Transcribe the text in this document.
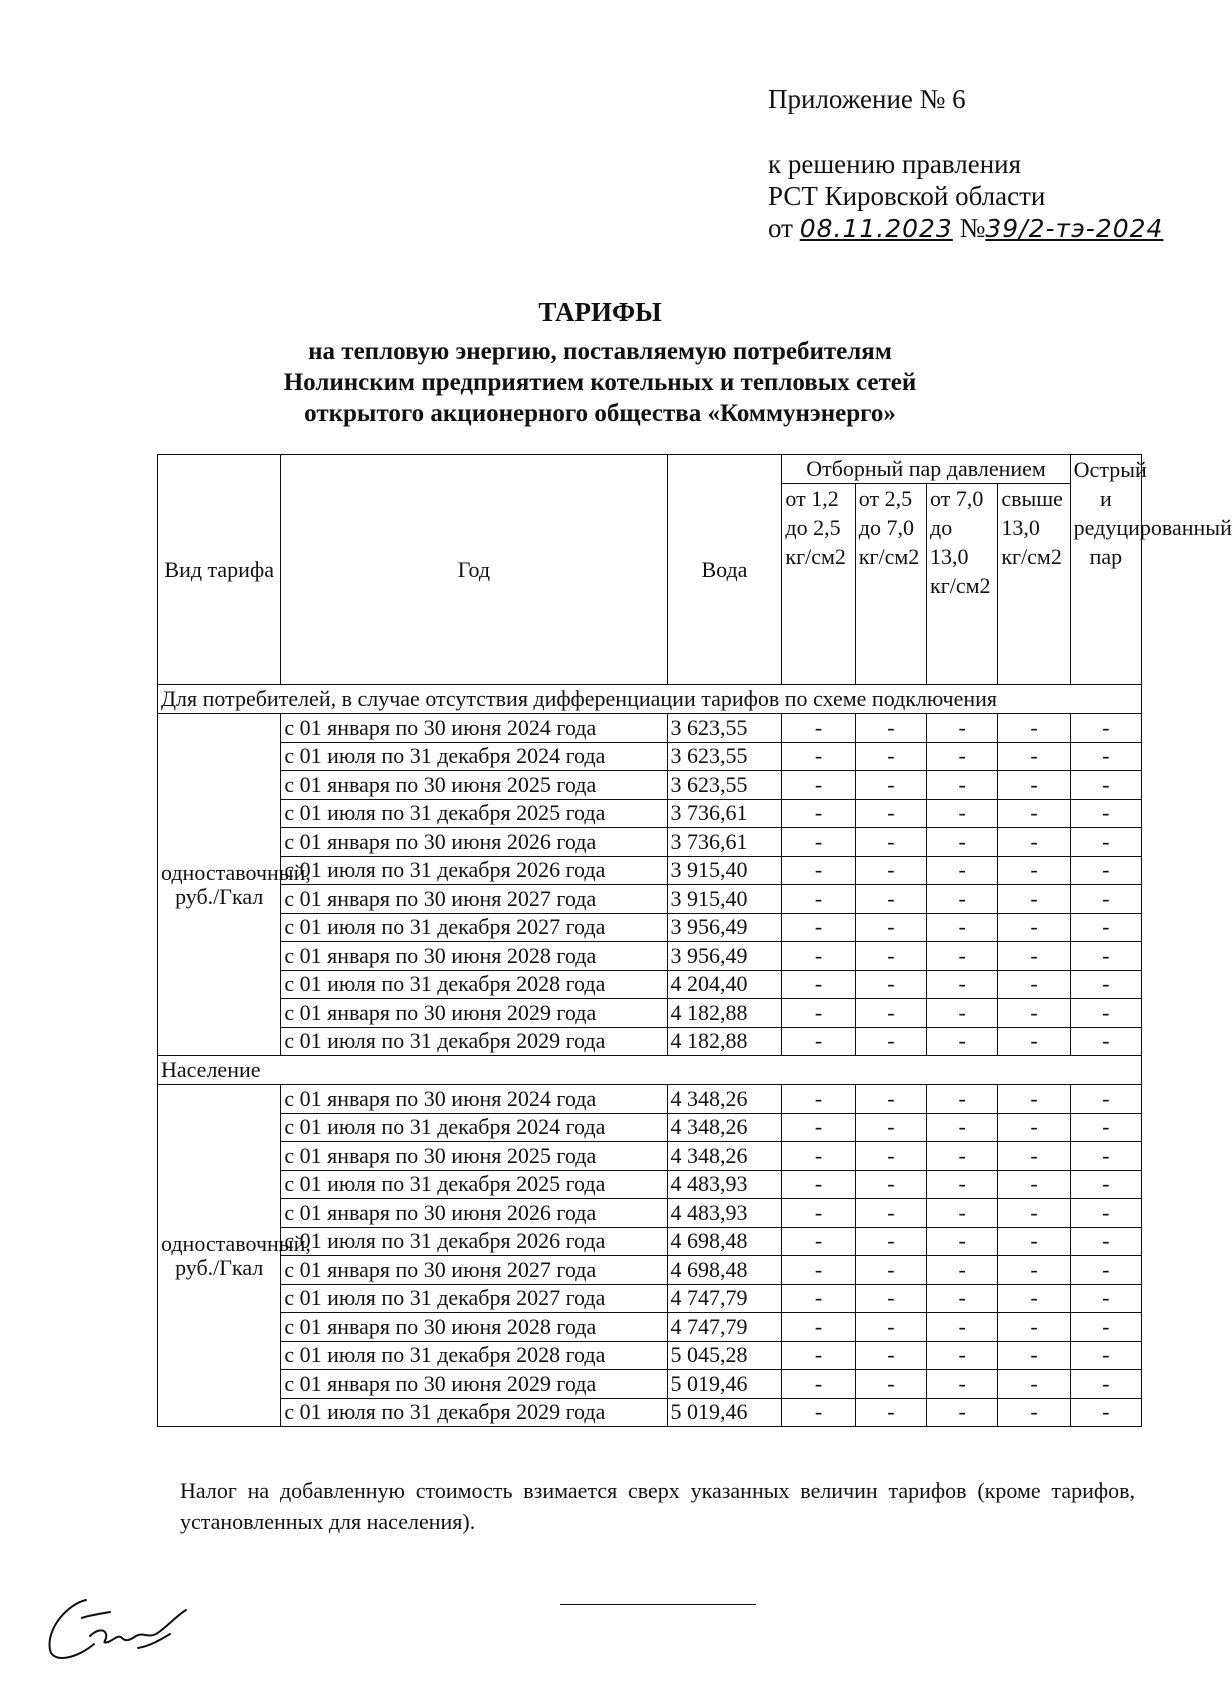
Приложение № 6
к решению правления
РСТ Кировской области
от 08.11.2023 №39/2-тэ-2024
ТАРИФЫ
на тепловую энергию, поставляемую потребителям
Нолинским предприятием котельных и тепловых сетей
открытого акционерного общества «Коммунэнерго»
Вид тарифа	Год	Вода	Отборный пар давлением				Острый и редуцированный пар
			от 1,2 до 2,5 кг/см2	от 2,5 до 7,0 кг/см2	от 7,0 до 13,0 кг/см2	свыше 13,0 кг/см2	
Для потребителей, в случае отсутствия дифференциации тарифов по схеме подключения							
одноставочный, руб./Гкал	с 01 января по 30 июня 2024 года	3 623,55	-	-	-	-	-
	с 01 июля по 31 декабря 2024 года	3 623,55	-	-	-	-	-
	с 01 января по 30 июня 2025 года	3 623,55	-	-	-	-	-
	с 01 июля по 31 декабря 2025 года	3 736,61	-	-	-	-	-
	с 01 января по 30 июня 2026 года	3 736,61	-	-	-	-	-
	с 01 июля по 31 декабря 2026 года	3 915,40	-	-	-	-	-
	с 01 января по 30 июня 2027 года	3 915,40	-	-	-	-	-
	с 01 июля по 31 декабря 2027 года	3 956,49	-	-	-	-	-
	с 01 января по 30 июня 2028 года	3 956,49	-	-	-	-	-
	с 01 июля по 31 декабря 2028 года	4 204,40	-	-	-	-	-
	с 01 января по 30 июня 2029 года	4 182,88	-	-	-	-	-
	с 01 июля по 31 декабря 2029 года	4 182,88	-	-	-	-	-
Население							
одноставочный, руб./Гкал	с 01 января по 30 июня 2024 года	4 348,26	-	-	-	-	-
	с 01 июля по 31 декабря 2024 года	4 348,26	-	-	-	-	-
	с 01 января по 30 июня 2025 года	4 348,26	-	-	-	-	-
	с 01 июля по 31 декабря 2025 года	4 483,93	-	-	-	-	-
	с 01 января по 30 июня 2026 года	4 483,93	-	-	-	-	-
	с 01 июля по 31 декабря 2026 года	4 698,48	-	-	-	-	-
	с 01 января по 30 июня 2027 года	4 698,48	-	-	-	-	-
	с 01 июля по 31 декабря 2027 года	4 747,79	-	-	-	-	-
	с 01 января по 30 июня 2028 года	4 747,79	-	-	-	-	-
	с 01 июля по 31 декабря 2028 года	5 045,28	-	-	-	-	-
	с 01 января по 30 июня 2029 года	5 019,46	-	-	-	-	-
	с 01 июля по 31 декабря 2029 года	5 019,46	-	-	-	-	-
Налог на добавленную стоимость взимается сверх указанных величин тарифов (кроме тарифов, установленных для населения).
